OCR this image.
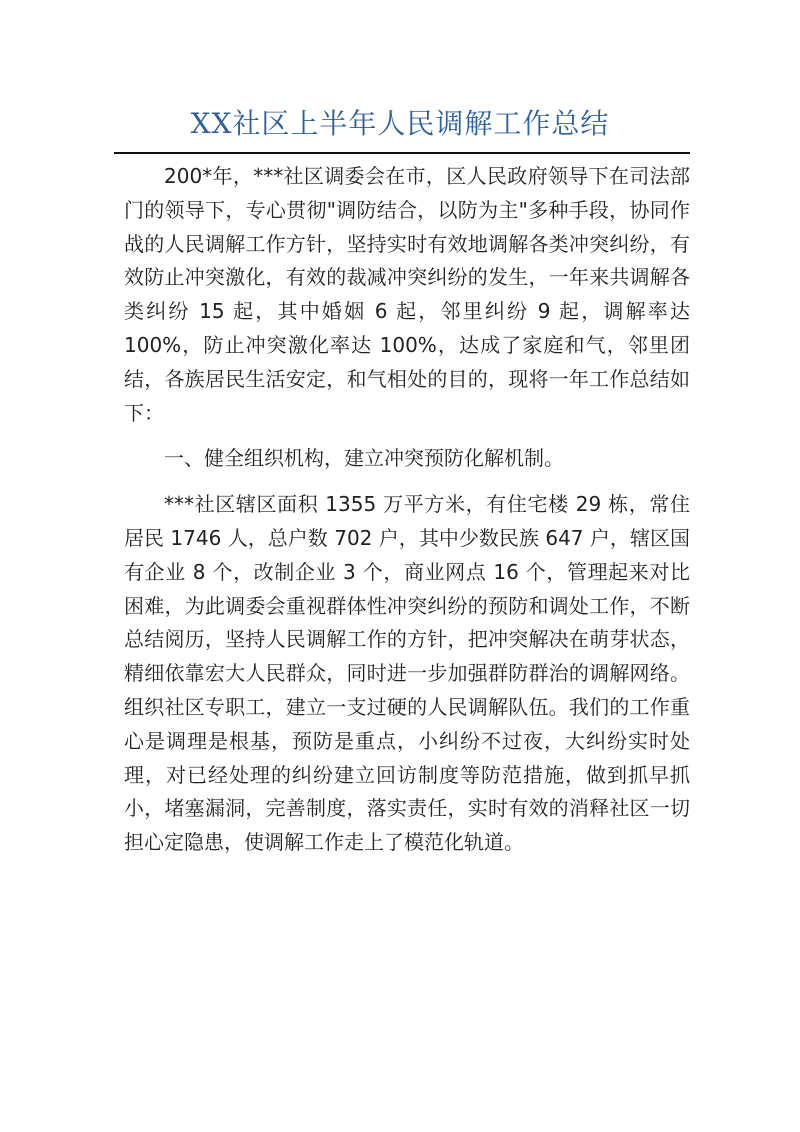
XX社区上半年人民调解工作总结

200*年，***社区调委会在市，区人民政府领导下在司法部门的领导下，专心贯彻"调防结合，以防为主"多种手段，协同作战的人民调解工作方针，坚持实时有效地调解各类冲突纠纷，有效防止冲突激化，有效的裁减冲突纠纷的发生，一年来共调解各类纠纷 15 起，其中婚姻 6 起，邻里纠纷 9 起，调解率达 100%，防止冲突激化率达 100%，达成了家庭和气，邻里团结，各族居民生活安定，和气相处的目的，现将一年工作总结如下：

一、健全组织机构，建立冲突预防化解机制。

***社区辖区面积 1355 万平方米，有住宅楼 29 栋，常住居民 1746 人，总户数 702 户，其中少数民族 647 户，辖区国有企业 8 个，改制企业 3 个，商业网点 16 个，管理起来对比困难，为此调委会重视群体性冲突纠纷的预防和调处工作，不断总结阅历，坚持人民调解工作的方针，把冲突解决在萌芽状态，精细依靠宏大人民群众，同时进一步加强群防群治的调解网络。组织社区专职工，建立一支过硬的人民调解队伍。我们的工作重心是调理是根基，预防是重点，小纠纷不过夜，大纠纷实时处理，对已经处理的纠纷建立回访制度等防范措施，做到抓早抓小，堵塞漏洞，完善制度，落实责任，实时有效的消释社区一切担心定隐患，使调解工作走上了模范化轨道。
